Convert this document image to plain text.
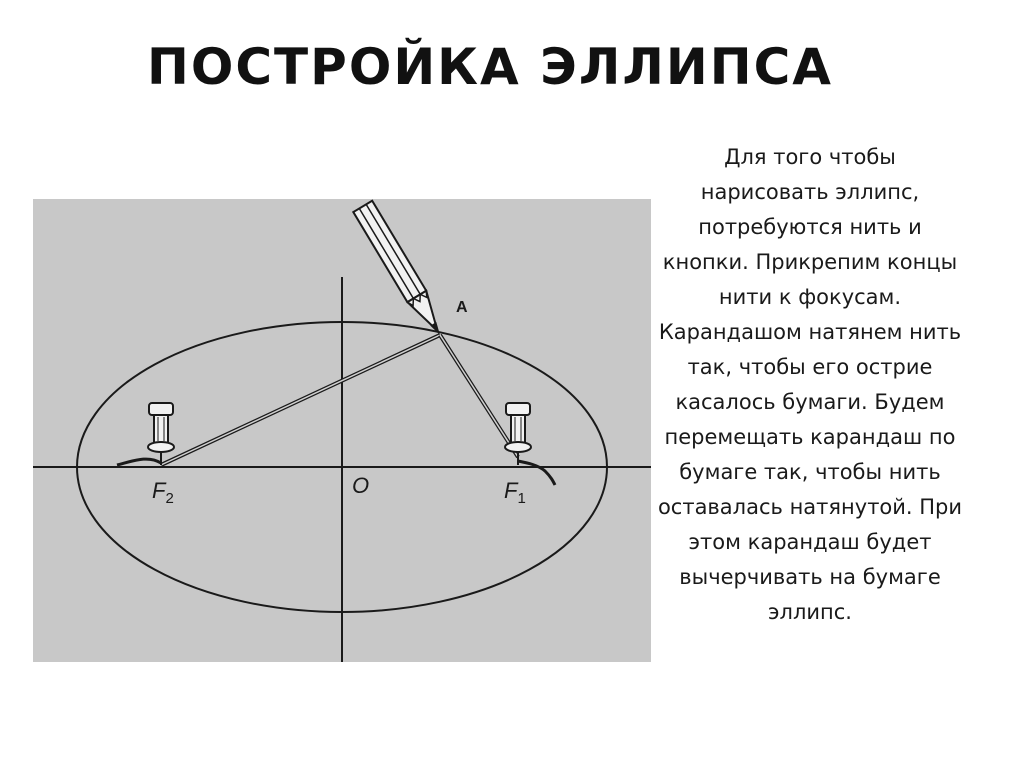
ПОСТРОЙКА ЭЛЛИПСА
A
O
$F_2$	$F_1$
Для того чтобы
нарисовать эллипс,
потребуются нить и
кнопки. Прикрепим концы
нити к фокусам.
Карандашом натянем нить
так, чтобы его острие
касалось бумаги. Будем
перемещать карандаш по
бумаге так, чтобы нить
оставалась натянутой. При
этом карандаш будет
вычерчивать на бумаге
эллипс.
